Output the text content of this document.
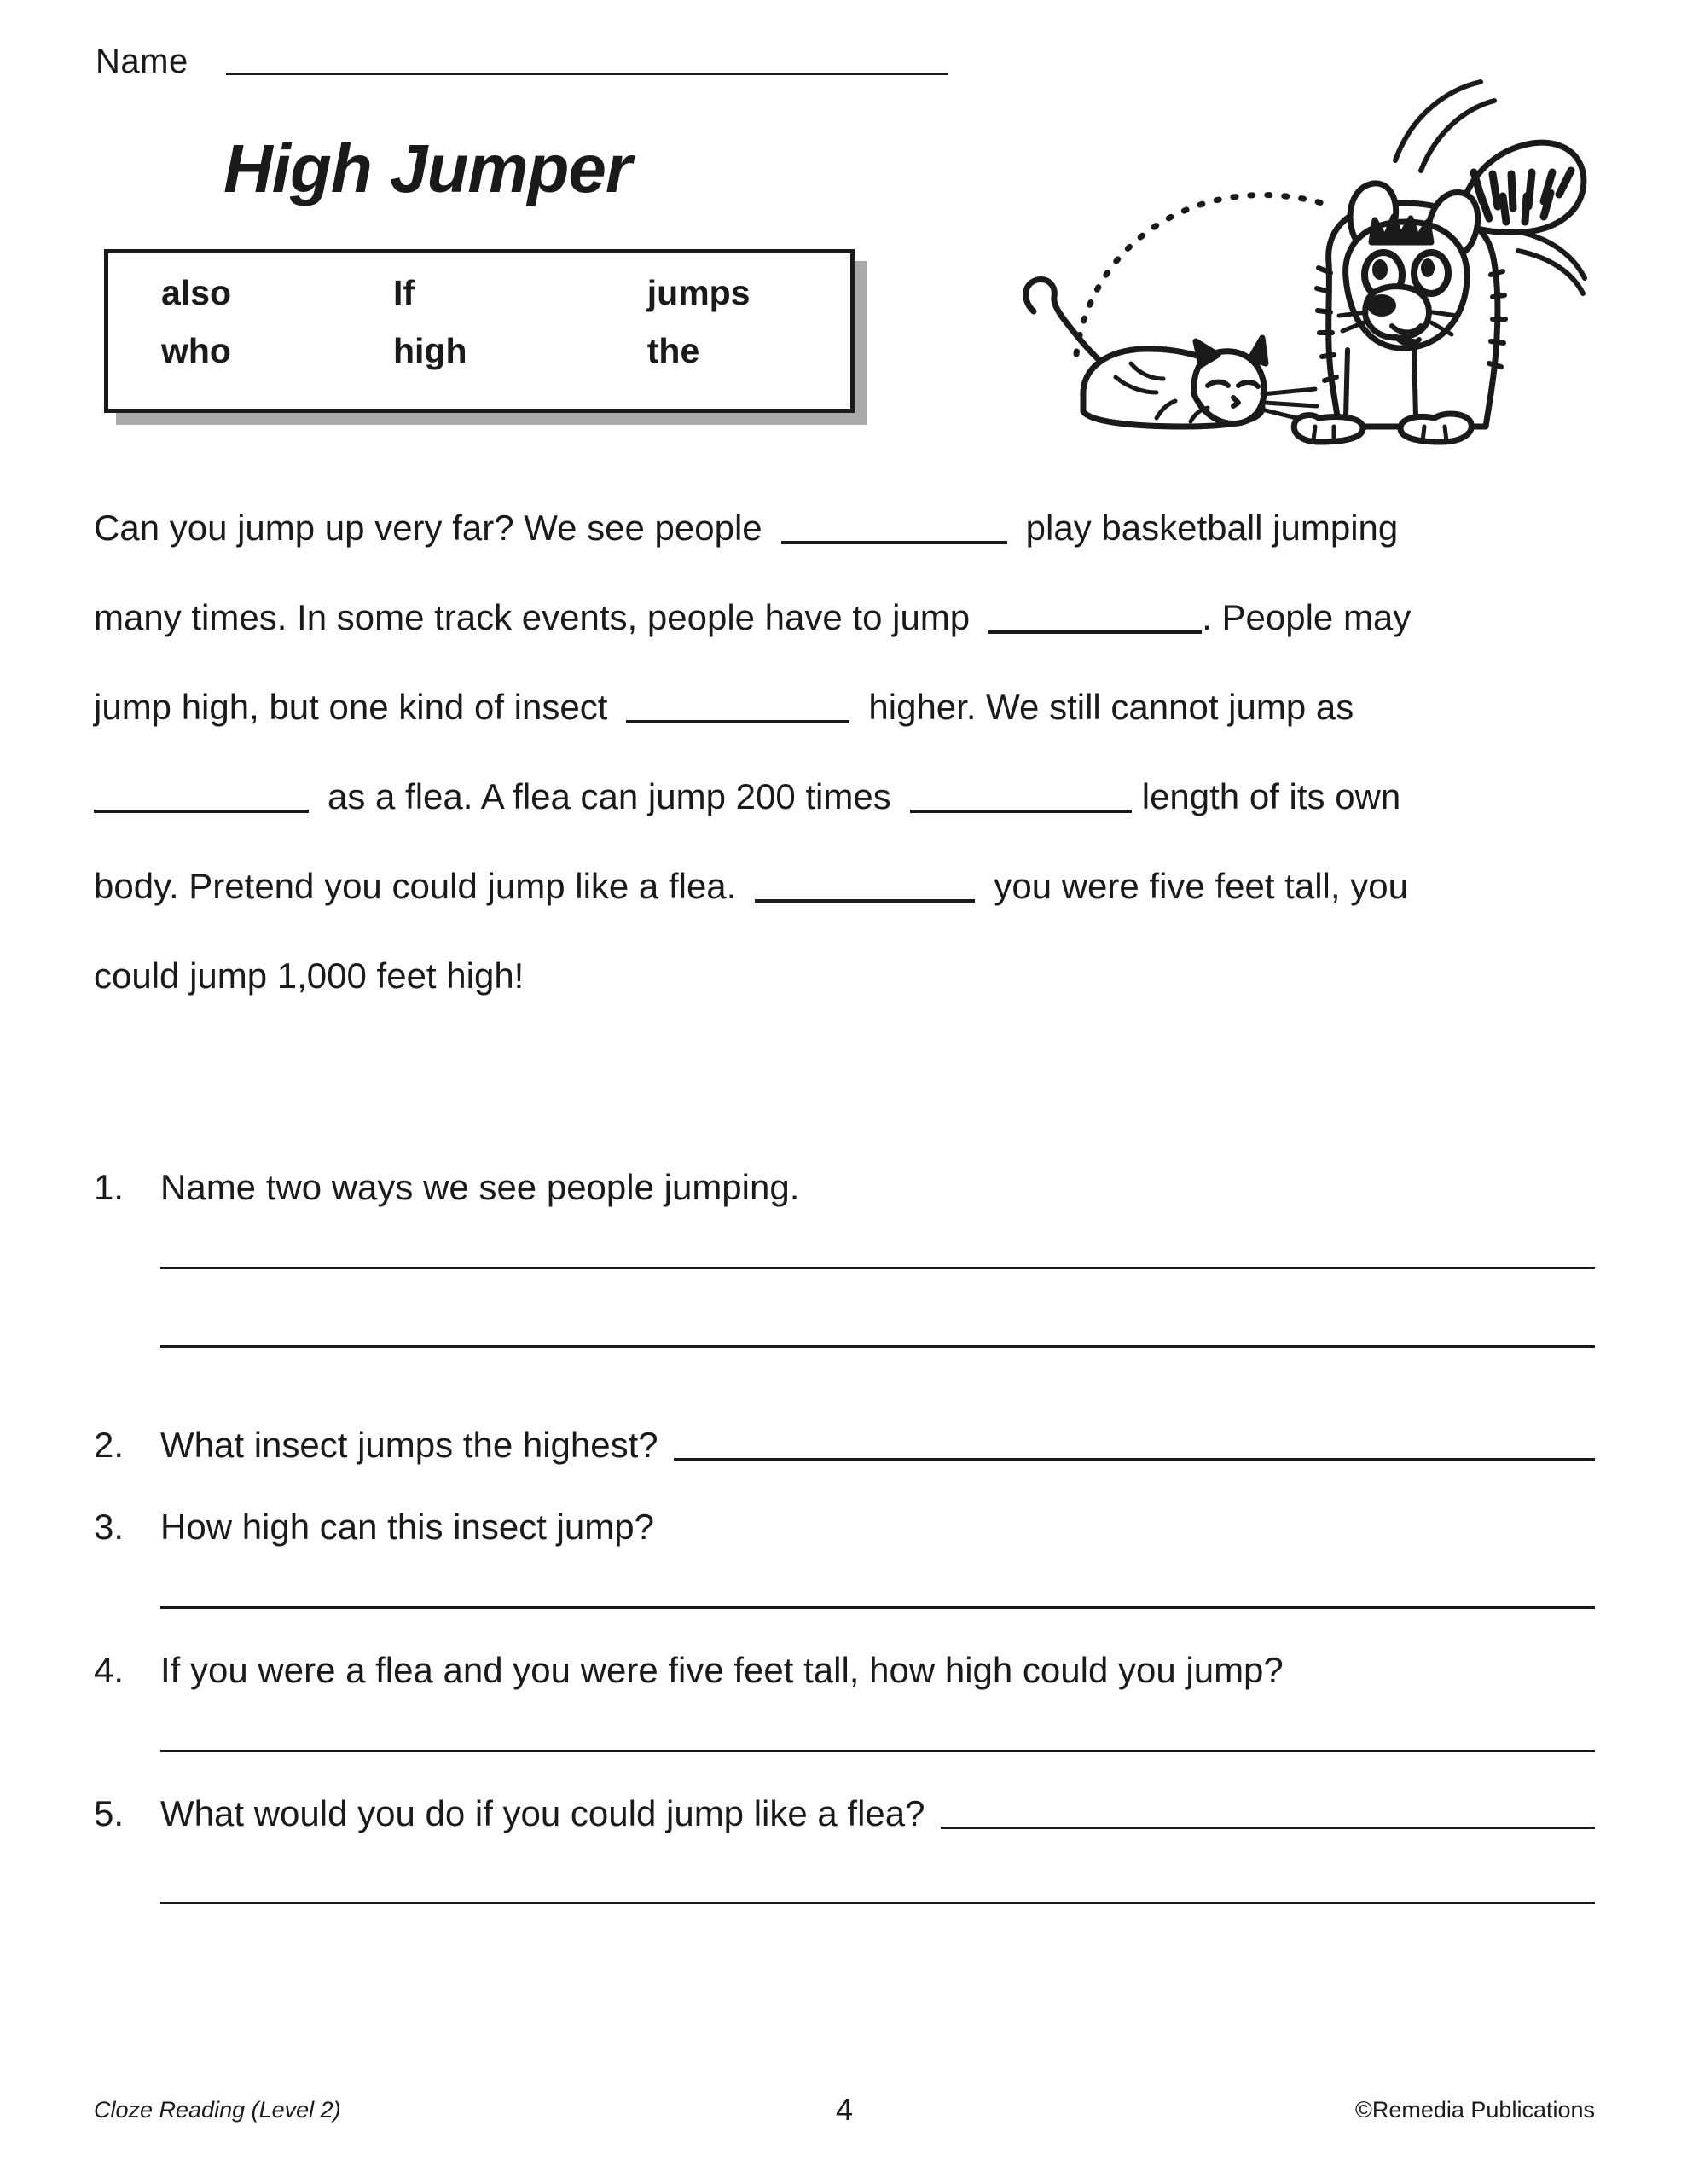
Name
High Jumper
also	If	jumps
who	high	the
Can you jump up very far? We see people	play basketball jumping
many times. In some track events, people have to jump	. People may
jump high, but one kind of insect	higher. We still cannot jump as
as a flea. A flea can jump 200 times	length of its own
body. Pretend you could jump like a flea.	you were five feet tall, you
could jump 1,000 feet high!
1.	Name two ways we see people jumping.
2.	What insect jumps the highest?
3.	How high can this insect jump?
4.	If you were a flea and you were five feet tall, how high could you jump?
5.	What would you do if you could jump like a flea?
Cloze Reading (Level 2)	4	©Remedia Publications
